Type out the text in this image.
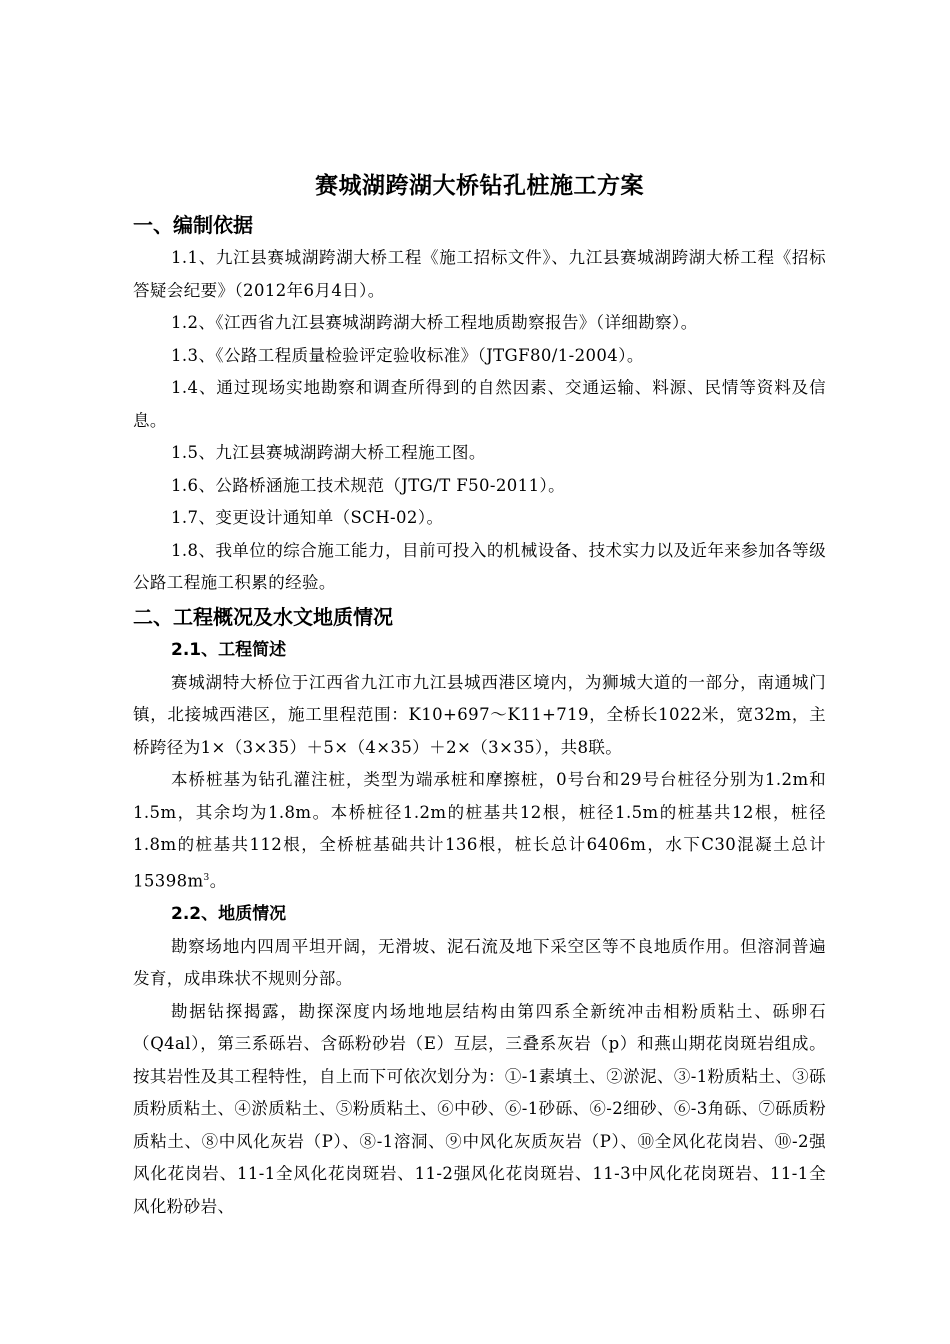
赛城湖跨湖大桥钻孔桩施工方案
一、编制依据

1.1、九江县赛城湖跨湖大桥工程《施工招标文件》、九江县赛城湖跨湖大桥工程《招标答疑会纪要》（2012年6月4日）。

1.2、《江西省九江县赛城湖跨湖大桥工程地质勘察报告》（详细勘察）。

1.3、《公路工程质量检验评定验收标准》（JTGF80/1-2004）。

1.4、通过现场实地勘察和调查所得到的自然因素、交通运输、料源、民情等资料及信息。

1.5、九江县赛城湖跨湖大桥工程施工图。

1.6、公路桥涵施工技术规范（JTG/T F50-2011）。

1.7、变更设计通知单（SCH-02）。

1.8、我单位的综合施工能力，目前可投入的机械设备、技术实力以及近年来参加各等级公路工程施工积累的经验。

二、工程概况及水文地质情况
2.1、工程简述

赛城湖特大桥位于江西省九江市九江县城西港区境内，为狮城大道的一部分，南通城门镇，北接城西港区，施工里程范围：K10+697～K11+719，全桥长1022米，宽32m，主桥跨径为1×（3×35）＋5×（4×35）＋2×（3×35），共8联。

本桥桩基为钻孔灌注桩，类型为端承桩和摩擦桩，0号台和29号台桩径分别为1.2m和1.5m，其余均为1.8m。本桥桩径1.2m的桩基共12根，桩径1.5m的桩基共12根，桩径1.8m的桩基共112根，全桥桩基础共计136根，桩长总计6406m，水下C30混凝土总计$15398m^3$。

2.2、地质情况

勘察场地内四周平坦开阔，无滑坡、泥石流及地下采空区等不良地质作用。但溶洞普遍发育，成串珠状不规则分部。

勘据钻探揭露，勘探深度内场地地层结构由第四系全新统冲击相粉质粘土、砾卵石（Q4al），第三系砾岩、含砾粉砂岩（E）互层，三叠系灰岩（p）和燕山期花岗斑岩组成。按其岩性及其工程特性，自上而下可依次划分为：①-1素填土、②淤泥、③-1粉质粘土、③砾质粉质粘土、④淤质粘土、⑤粉质粘土、⑥中砂、⑥-1砂砾、⑥-2细砂、⑥-3角砾、⑦砾质粉质粘土、⑧中风化灰岩（P）、⑧-1溶洞、⑨中风化灰质灰岩（P）、⑩全风化花岗岩、⑩-2强风化花岗岩、11-1全风化花岗斑岩、11-2强风化花岗斑岩、11-3中风化花岗斑岩、11-1全风化粉砂岩、
